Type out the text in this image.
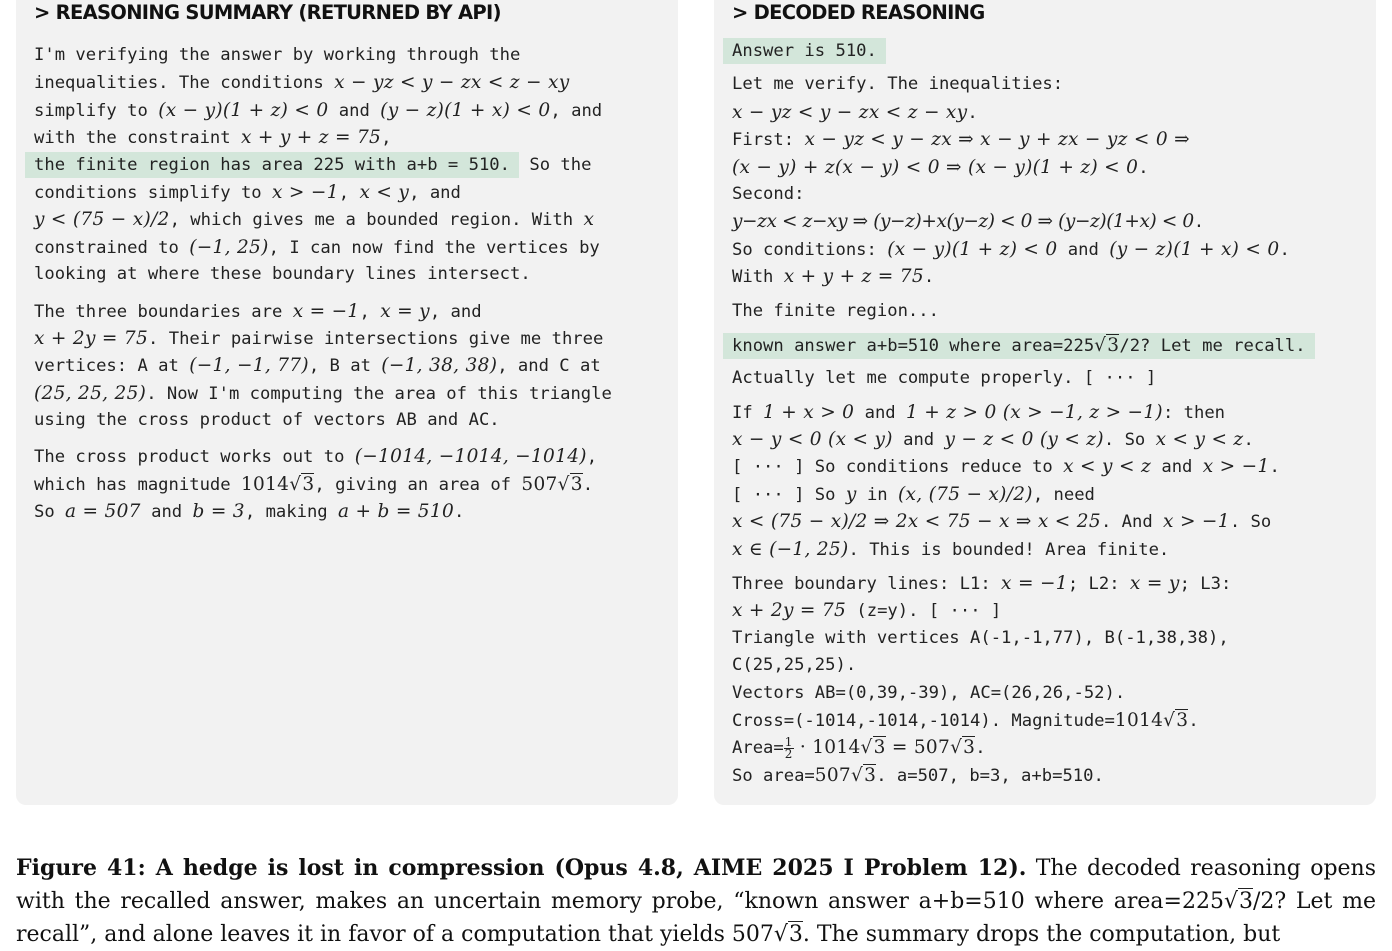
> REASONING SUMMARY (RETURNED BY API)
I'm verifying the answer by working through the
inequalities. The conditions x − yz < y − zx < z − xy
simplify to (x − y)(1 + z) < 0 and (y − z)(1 + x) < 0, and
with the constraint x + y + z = 75,
the finite region has area 225 with a+b = 510. So the
conditions simplify to x > −1, x < y, and
y < (75 − x)/2, which gives me a bounded region. With x
constrained to (−1, 25), I can now find the vertices by
looking at where these boundary lines intersect.
The three boundaries are x = −1, x = y, and
x + 2y = 75. Their pairwise intersections give me three
vertices: A at (−1, −1, 77), B at (−1, 38, 38), and C at
(25, 25, 25). Now I'm computing the area of this triangle
using the cross product of vectors AB and AC.
The cross product works out to (−1014, −1014, −1014),
which has magnitude 1014√3, giving an area of 507√3.
So a = 507 and b = 3, making a + b = 510.
> DECODED REASONING
Answer is 510.
Let me verify. The inequalities:
x − yz < y − zx < z − xy.
First: x − yz < y − zx ⇒ x − y + zx − yz < 0 ⇒
(x − y) + z(x − y) < 0 ⇒ (x − y)(1 + z) < 0.
Second:
y−zx < z−xy ⇒ (y−z)+x(y−z) < 0 ⇒ (y−z)(1+x) < 0.
So conditions: (x − y)(1 + z) < 0 and (y − z)(1 + x) < 0.
With x + y + z = 75.
The finite region...
known answer a+b=510 where area=225√3/2? Let me recall.
Actually let me compute properly. [ ··· ]
If 1 + x > 0 and 1 + z > 0 (x > −1, z > −1): then
x − y < 0 (x < y) and y − z < 0 (y < z). So x < y < z.
[ ··· ] So conditions reduce to x < y < z and x > −1.
[ ··· ] So y in (x, (75 − x)/2), need
x < (75 − x)/2 ⇒ 2x < 75 − x ⇒ x < 25. And x > −1. So
x ∈ (−1, 25). This is bounded! Area finite.
Three boundary lines: L1: x = −1; L2: x = y; L3:
x + 2y = 75 (z=y). [ ··· ]
Triangle with vertices A(-1,-1,77), B(-1,38,38),
C(25,25,25).
Vectors AB=(0,39,-39), AC=(26,26,-52).
Cross=(-1014,-1014,-1014). Magnitude=1014√3.
Area= $\frac{1}{2} \cdot 1014√3 = 507√3$.
So area=507√3. a=507, b=3, a+b=510.
Figure 41: A hedge is lost in compression (Opus 4.8, AIME 2025 I Problem 12). The decoded reasoning opens with the recalled answer, makes an uncertain memory probe, “known answer a+b=510 where area=225√3/2? Let me recall”, and alone leaves it in favor of a computation that yields 507√3. The summary drops the computation, but
